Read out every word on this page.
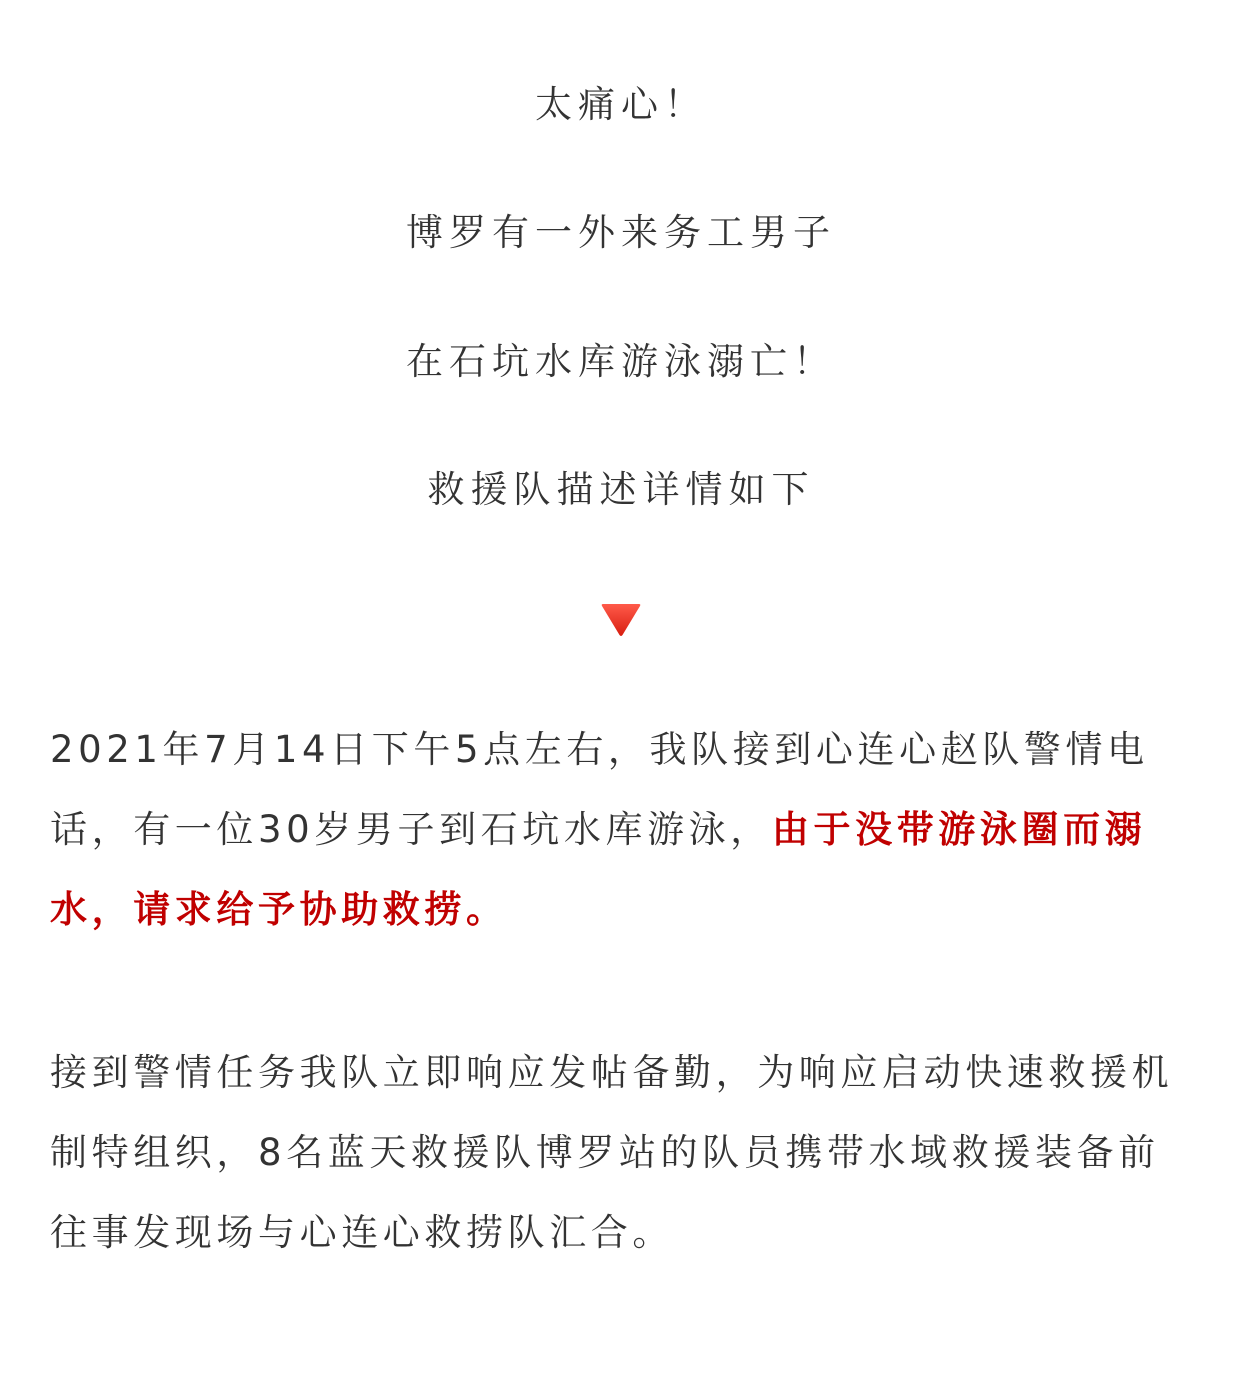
太痛心！
博罗有一外来务工男子
在石坑水库游泳溺亡！
救援队描述详情如下

2021年7月14日下午5点左右，我队接到心连心赵队警情电话，有一位30岁男子到石坑水库游泳，由于没带游泳圈而溺水，请求给予协助救捞。

接到警情任务我队立即响应发帖备勤，为响应启动快速救援机制特组织，8名蓝天救援队博罗站的队员携带水域救援装备前往事发现场与心连心救捞队汇合。
